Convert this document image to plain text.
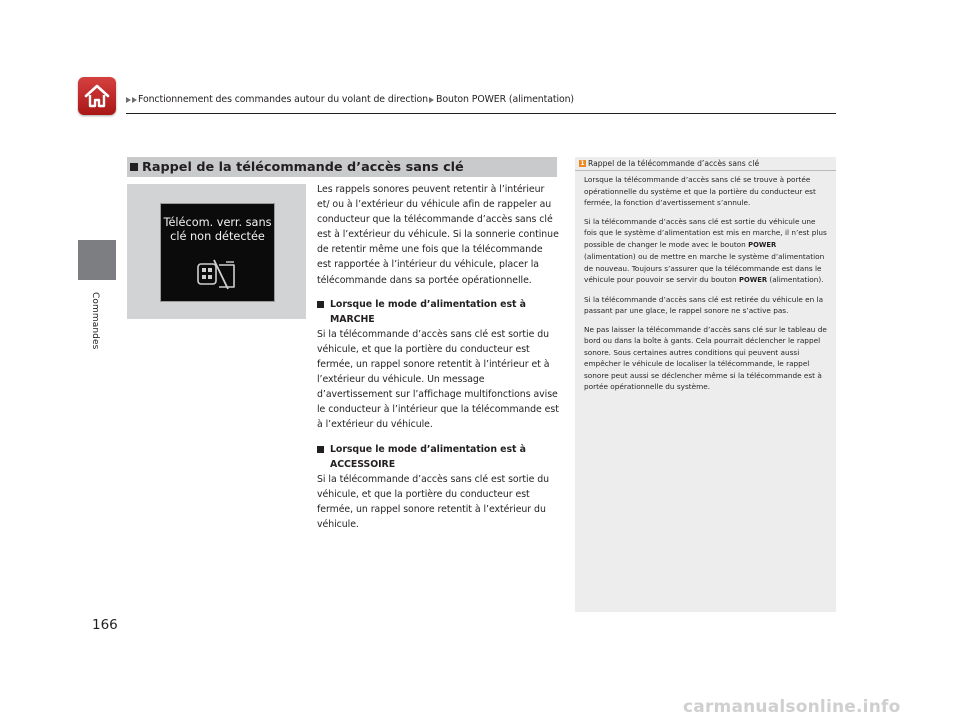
Fonctionnement des commandes autour du volant de direction Bouton POWER (alimentation)
Commandes
166
Rappel de la télécommande d’accès sans clé
Télécom. verr. sans
clé non détectée

Les rappels sonores peuvent retentir à l’intérieur et/ ou à l’extérieur du véhicule afin de rappeler au conducteur que la télécommande d’accès sans clé est à l’extérieur du véhicule. Si la sonnerie continue de retentir même une fois que la télécommande est rapportée à l’intérieur du véhicule, placer la télécommande dans sa portée opérationnelle.

Lorsque le mode d’alimentation est à MARCHE

Si la télécommande d’accès sans clé est sortie du véhicule, et que la portière du conducteur est fermée, un rappel sonore retentit à l’intérieur et à l’extérieur du véhicule. Un message d’avertissement sur l’affichage multifonctions avise le conducteur à l’intérieur que la télécommande est à l’extérieur du véhicule.

Lorsque le mode d’alimentation est à ACCESSOIRE

Si la télécommande d’accès sans clé est sortie du véhicule, et que la portière du conducteur est fermée, un rappel sonore retentit à l’extérieur du véhicule.

1 Rappel de la télécommande d’accès sans clé

Lorsque la télécommande d’accès sans clé se trouve à portée opérationnelle du système et que la portière du conducteur est fermée, la fonction d’avertissement s’annule.

Si la télécommande d’accès sans clé est sortie du véhicule une fois que le système d’alimentation est mis en marche, il n’est plus possible de changer le mode avec le bouton POWER (alimentation) ou de mettre en marche le système d’alimentation de nouveau. Toujours s’assurer que la télécommande est dans le véhicule pour pouvoir se servir du bouton POWER (alimentation).

Si la télécommande d’accès sans clé est retirée du véhicule en la passant par une glace, le rappel sonore ne s’active pas.

Ne pas laisser la télécommande d’accès sans clé sur le tableau de bord ou dans la boîte à gants. Cela pourrait déclencher le rappel sonore. Sous certaines autres conditions qui peuvent aussi empêcher le véhicule de localiser la télécommande, le rappel sonore peut aussi se déclencher même si la télécommande est à portée opérationnelle du système.

carmanualsonline.info
